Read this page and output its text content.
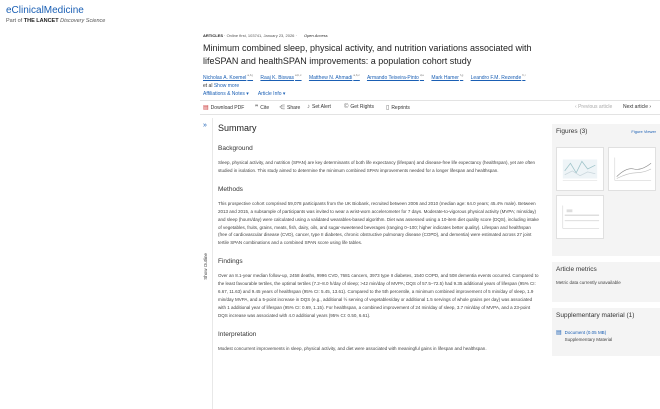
eClinicalMedicine
Part of THE LANCET Discovery Science
ARTICLES · Online first, 103741, January 23, 2026 · Open Access
Minimum combined sleep, physical activity, and nutrition variations associated with lifeSPAN and healthSPAN improvements: a population cohort study
Nicholas A. Koemel$^{a,b,j}$ Raaj K. Biswas$^{a,b,c}$ Matthew N. Ahmadi$^{a,b,c}$ Armando Teixeira-Pinto$^{d,e}$ Mark Hamer$^{f,g}$ Leandro F.M. Rezende$^{h,i}$
et al Show more
Affiliations & Notes ▾ Article Info ▾
▤ Download PDF ❞ Cite ⋲ Share ♪ Set Alert © Get Rights ▯ Reprints	‹ Previous article Next article ›
»
Show Outline
Summary
Background
Sleep, physical activity, and nutrition (SPAN) are key determinants of both life expectancy (lifespan) and disease-free life expectancy (healthspan), yet are often studied in isolation. This study aimed to determine the minimum combined SPAN improvements needed for a longer lifespan and healthspan.
Methods
This prospective cohort comprised 59,078 participants from the UK Biobank, recruited between 2006 and 2010 (median age: 64.0 years; 45.4% male). Between 2013 and 2015, a subsample of participants was invited to wear a wrist-worn accelerometer for 7 days. Moderate-to-vigorous physical activity (MVPA; mins/day) and sleep (hours/day) were calculated using a validated wearables-based algorithm. Diet was assessed using a 10-item diet quality score (DQS), including intake of vegetables, fruits, grains, meats, fish, dairy, oils, and sugar-sweetened beverages (ranging 0–100; higher indicates better quality). Lifespan and healthspan (free of cardiovascular disease (CVD), cancer, type II diabetes, chronic obstructive pulmonary disease (COPD), and dementia) were estimated across 27 joint tertile SPAN combinations and a combined SPAN score using life tables.
Findings
Over an 8.1-year median follow-up, 2458 deaths, 9996 CVD, 7681 cancers, 3973 type II diabetes, 1540 COPD, and 508 dementia events occurred. Compared to the least favourable tertiles, the optimal tertiles (7.2–8.0 h/day of sleep; >42 min/day of MVPA; DQS of 57.5–72.5) had 9.35 additional years of lifespan (95% CI: 6.67, 11.63) and 9.45 years of healthspan (95% CI: 5.45, 13.61). Compared to the 5th percentile, a minimum combined improvement of 5 min/day of sleep, 1.9 min/day MVPA, and a 5-point increase in DQS (e.g., additional ½ serving of vegetables/day or additional 1.5 servings of whole grains per day) was associated with 1 additional year of lifespan (95% CI: 0.69, 1.15). For healthspan, a combined improvement of 24 min/day of sleep, 3.7 min/day of MVPA, and a 23-point DQS increase was associated with 4.0 additional years (95% CI: 0.50, 6.61).
Interpretation
Modest concurrent improvements in sleep, physical activity, and diet were associated with meaningful gains in lifespan and healthspan.
Figures (3)	Figure Viewer
Article metrics
Metric data currently unavailable
Supplementary material (1)
▤ Document (0.05 MB)
Supplementary Material
